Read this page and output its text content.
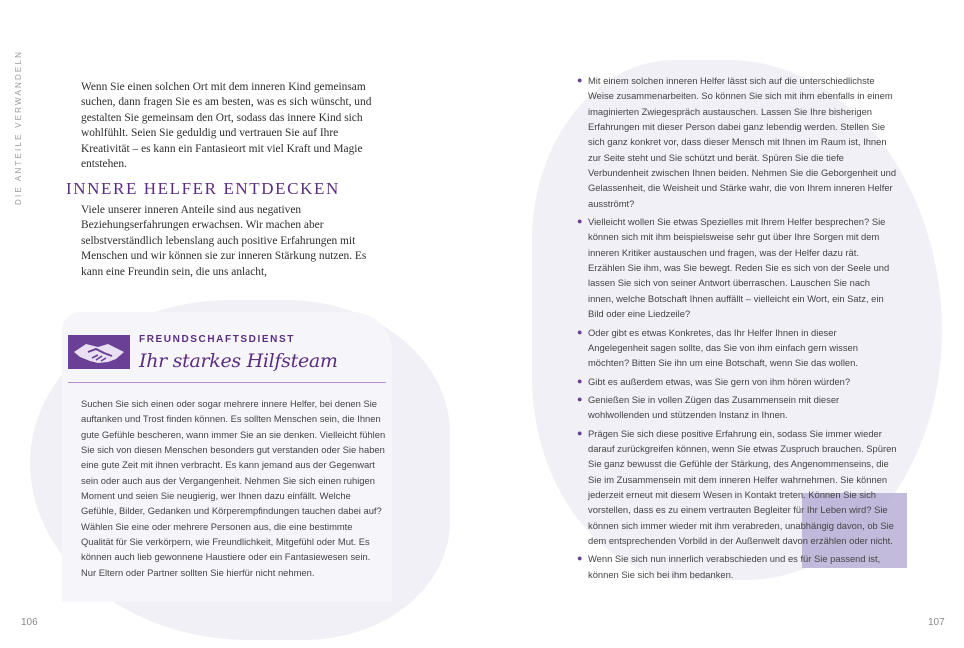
DIE ANTEILE VERWANDELN	Wenn Sie einen solchen Ort mit dem inneren Kind gemeinsam suchen, dann fragen Sie es am besten, was es sich wünscht, und gestalten Sie gemeinsam den Ort, sodass das innere Kind sich wohlfühlt. Seien Sie geduldig und vertrauen Sie auf Ihre Kreativität – es kann ein Fantasieort mit viel Kraft und Magie entstehen.
INNERE HELFER ENTDECKEN
Viele unserer inneren Anteile sind aus negativen Beziehungserfahrungen erwachsen. Wir machen aber selbstverständlich lebenslang auch positive Erfahrungen mit Menschen und wir können sie zur inneren Stärkung nutzen. Es kann eine Freundin sein, die uns anlacht,
FREUNDSCHAFTSDIENST
Ihr starkes Hilfsteam
Suchen Sie sich einen oder sogar mehrere innere Helfer, bei denen Sie auftanken und Trost finden können. Es sollten Menschen sein, die Ihnen gute Gefühle bescheren, wann immer Sie an sie denken. Vielleicht fühlen Sie sich von diesen Menschen besonders gut verstanden oder Sie haben eine gute Zeit mit ihnen verbracht. Es kann jemand aus der Gegenwart sein oder auch aus der Vergangenheit. Nehmen Sie sich einen ruhigen Moment und seien Sie neugierig, wer Ihnen dazu einfällt. Welche Gefühle, Bilder, Gedanken und Körperempfindungen tauchen dabei auf? Wählen Sie eine oder mehrere Personen aus, die eine bestimmte Qualität für Sie verkörpern, wie Freundlichkeit, Mitgefühl oder Mut. Es können auch lieb gewonnene Haustiere oder ein Fantasiewesen sein. Nur Eltern oder Partner sollten Sie hierfür nicht nehmen.
106
● Mit einem solchen inneren Helfer lässt sich auf die unterschiedlichste Weise zusammenarbeiten. So können Sie sich mit ihm ebenfalls in einem imaginierten Zwiegespräch austauschen. Lassen Sie Ihre bisherigen Erfahrungen mit dieser Person dabei ganz lebendig werden. Stellen Sie sich ganz konkret vor, dass dieser Mensch mit Ihnen im Raum ist, Ihnen zur Seite steht und Sie schützt und berät. Spüren Sie die tiefe Verbundenheit zwischen Ihnen beiden. Nehmen Sie die Geborgenheit und Gelassenheit, die Weisheit und Stärke wahr, die von Ihrem inneren Helfer ausströmt?
● Vielleicht wollen Sie etwas Spezielles mit Ihrem Helfer besprechen? Sie können sich mit ihm beispielsweise sehr gut über Ihre Sorgen mit dem inneren Kritiker austauschen und fragen, was der Helfer dazu rät. Erzählen Sie ihm, was Sie bewegt. Reden Sie es sich von der Seele und lassen Sie sich von seiner Antwort überraschen. Lauschen Sie nach innen, welche Botschaft Ihnen auffällt – vielleicht ein Wort, ein Satz, ein Bild oder eine Liedzeile?
● Oder gibt es etwas Konkretes, das Ihr Helfer Ihnen in dieser Angelegenheit sagen sollte, das Sie von ihm einfach gern wissen möchten? Bitten Sie ihn um eine Botschaft, wenn Sie das wollen.
● Gibt es außerdem etwas, was Sie gern von ihm hören würden?
● Genießen Sie in vollen Zügen das Zusammensein mit dieser wohlwollenden und stützenden Instanz in Ihnen.
● Prägen Sie sich diese positive Erfahrung ein, sodass Sie immer wieder darauf zurückgreifen können, wenn Sie etwas Zuspruch brauchen. Spüren Sie ganz bewusst die Gefühle der Stärkung, des Angenommenseins, die Sie im Zusammensein mit dem inneren Helfer wahrnehmen. Sie können jederzeit erneut mit diesem Wesen in Kontakt treten. Können Sie sich vorstellen, dass es zu einem vertrauten Begleiter für Ihr Leben wird? Sie können sich immer wieder mit ihm verabreden, unabhängig davon, ob Sie dem entsprechenden Vorbild in der Außenwelt davon erzählen oder nicht.
● Wenn Sie sich nun innerlich verabschieden und es für Sie passend ist, können Sie sich bei ihm bedanken.
107
